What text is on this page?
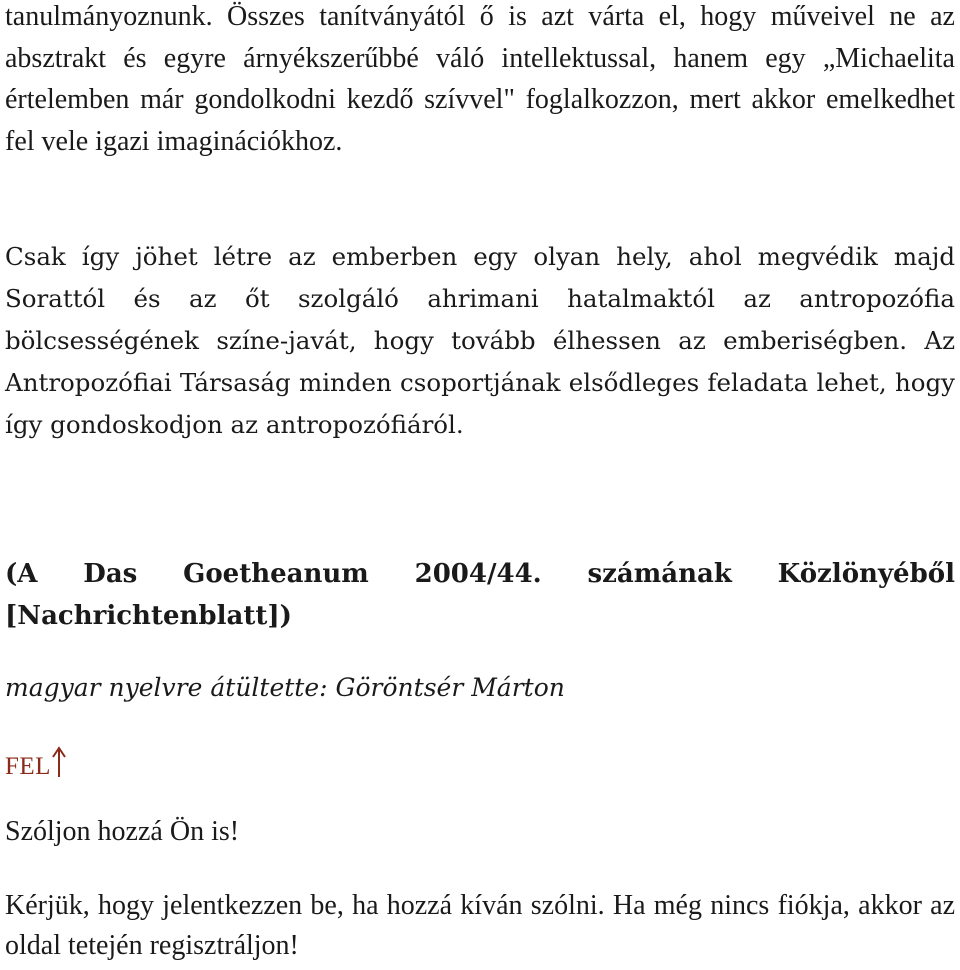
tanulmányoznunk. Összes tanítványától ő is azt várta el, hogy műveivel ne az absztrakt és egyre árnyékszerűbbé váló intellektussal, hanem egy „Michaelita értelemben már gondolkodni kezdő szívvel" foglalkozzon, mert akkor emelkedhet fel vele igazi imaginációkhoz.

Csak így jöhet létre az emberben egy olyan hely, ahol megvédik majd Sorattól és az őt szolgáló ahrimani hatalmaktól az antropozófia bölcsességének színe-javát, hogy tovább élhessen az emberiségben. Az Antropozófiai Társaság minden csoportjának elsődleges feladata lehet, hogy így gondoskodjon az antropozófiáról.

(A Das Goetheanum 2004/44. számának Közlönyéből [Nachrichtenblatt])
magyar nyelvre átültette: Göröntsér Márton
FEL
Szóljon hozzá Ön is!

Kérjük, hogy jelentkezzen be, ha hozzá kíván szólni. Ha még nincs fiókja, akkor az oldal tetején regisztráljon!
